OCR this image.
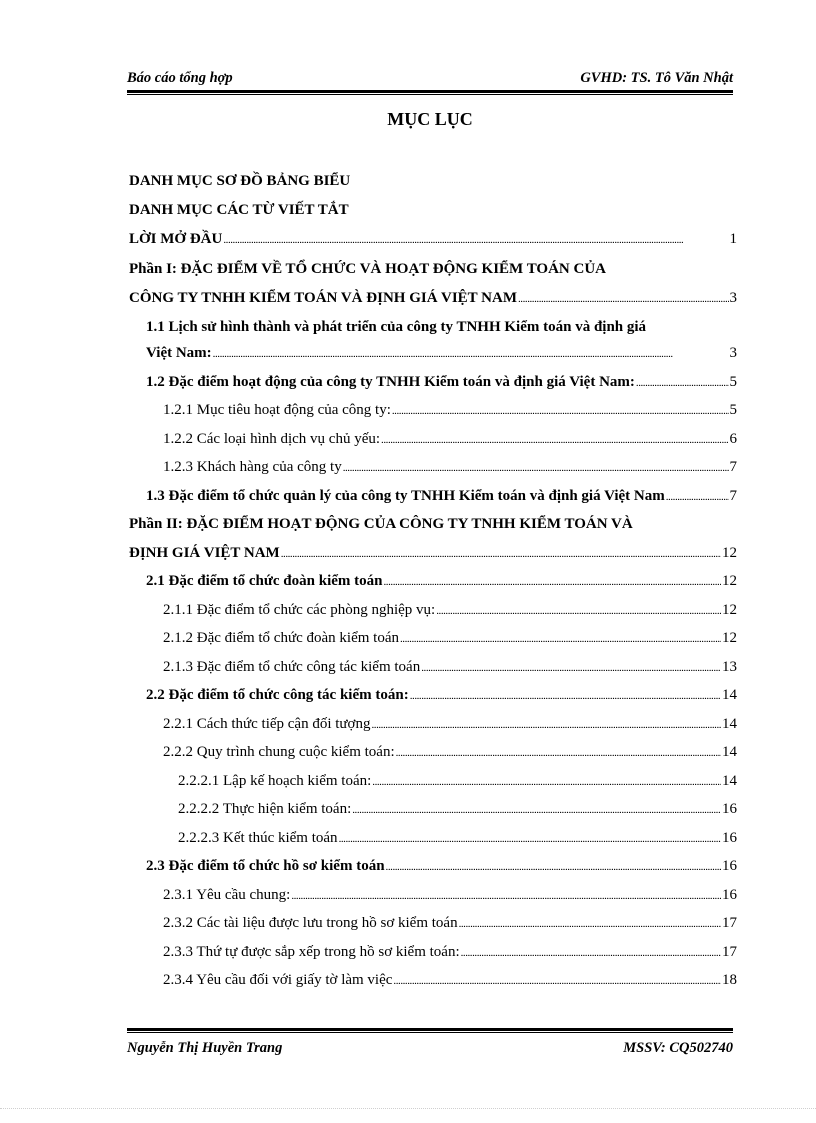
Báo cáo tổng hợp	GVHD: TS. Tô Văn Nhật
MỤC LỤC
DANH MỤC SƠ ĐỒ BẢNG BIỂU
DANH MỤC CÁC TỪ VIẾT TẮT
LỜI MỞ ĐẦU . . .	1
Phần I: ĐẶC ĐIỂM VỀ TỔ CHỨC VÀ HOẠT ĐỘNG KIỂM TOÁN CỦA
CÔNG TY TNHH KIỂM TOÁN VÀ ĐỊNH GIÁ VIỆT NAM . . .	3
1.1 Lịch sử hình thành và phát triển của công ty TNHH Kiểm toán và định giá
Việt Nam: . . .	3
1.2 Đặc điểm hoạt động của công ty TNHH Kiểm toán và định giá Việt Nam: . . .	5
1.2.1 Mục tiêu hoạt động của công ty: . . .	5
1.2.2 Các loại hình dịch vụ chủ yếu: . . .	6
1.2.3 Khách hàng của công ty . . .	7
1.3 Đặc điểm tổ chức quản lý của công ty TNHH Kiểm toán và định giá Việt Nam . . .	7
Phần II: ĐẶC ĐIỂM HOẠT ĐỘNG CỦA CÔNG TY TNHH KIỂM TOÁN VÀ
ĐỊNH GIÁ VIỆT NAM . . .	12
2.1 Đặc điểm tổ chức đoàn kiểm toán . . .	12
2.1.1 Đặc điểm tổ chức các phòng nghiệp vụ: . . .	12
2.1.2 Đặc điểm tổ chức đoàn kiểm toán . . .	12
2.1.3 Đặc điểm tổ chức công tác kiểm toán . . .	13
2.2 Đặc điểm tổ chức công tác kiểm toán: . . .	14
2.2.1 Cách thức tiếp cận đối tượng . . .	14
2.2.2 Quy trình chung cuộc kiểm toán: . . .	14
2.2.2.1 Lập kế hoạch kiểm toán: . . .	14
2.2.2.2 Thực hiện kiểm toán: . . .	16
2.2.2.3 Kết thúc kiểm toán . . .	16
2.3 Đặc điểm tổ chức hồ sơ kiểm toán . . .	16
2.3.1 Yêu cầu chung: . . .	16
2.3.2 Các tài liệu được lưu trong hồ sơ kiểm toán . . .	17
2.3.3 Thứ tự được sắp xếp trong hồ sơ kiểm toán: . . .	17
2.3.4 Yêu cầu đối với giấy tờ làm việc . . .	18
Nguyễn Thị Huyền Trang	MSSV: CQ502740
